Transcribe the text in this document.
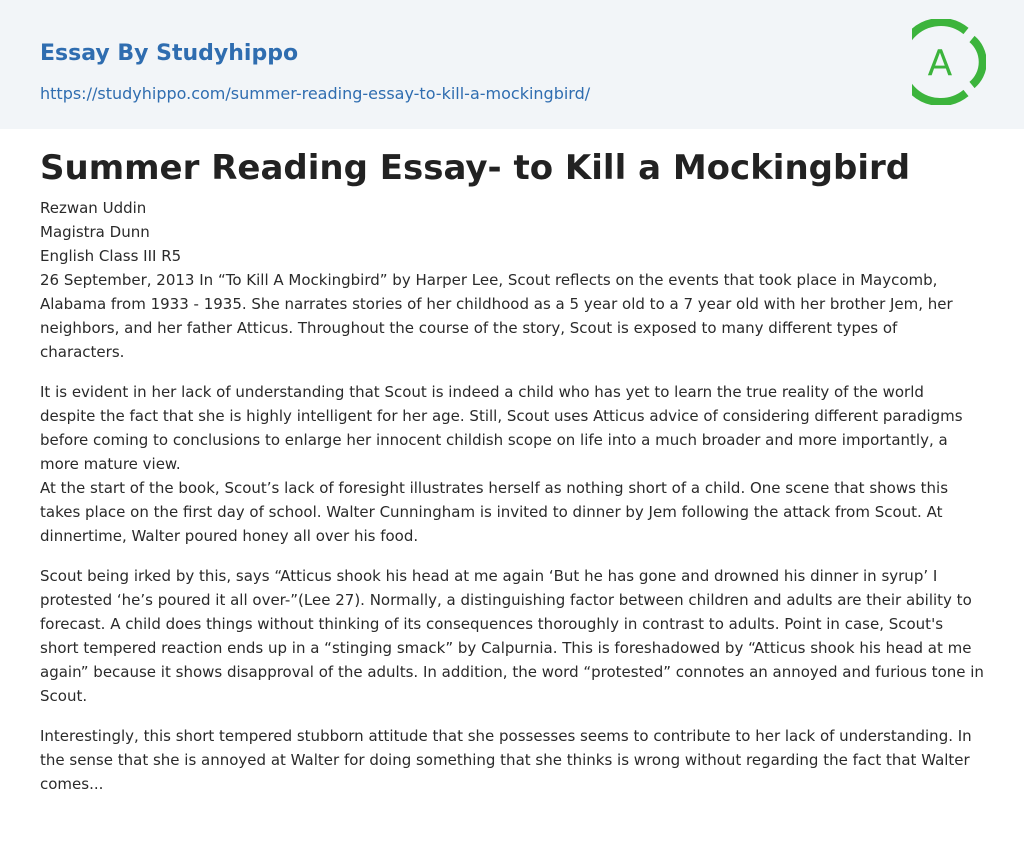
Essay By Studyhippo
https://studyhippo.com/summer-reading-essay-to-kill-a-mockingbird/
A
Summer Reading Essay- to Kill a Mockingbird

Rezwan Uddin

Magistra Dunn

English Class III R5

26 September, 2013 In “To Kill A Mockingbird” by Harper Lee, Scout reflects on the events that took place in Maycomb, Alabama from 1933 - 1935. She narrates stories of her childhood as a 5 year old to a 7 year old with her brother Jem, her neighbors, and her father Atticus. Throughout the course of the story, Scout is exposed to many different types of characters.

It is evident in her lack of understanding that Scout is indeed a child who has yet to learn the true reality of the world despite the fact that she is highly intelligent for her age. Still, Scout uses Atticus advice of considering different paradigms before coming to conclusions to enlarge her innocent childish scope on life into a much broader and more importantly, a more mature view.

At the start of the book, Scout’s lack of foresight illustrates herself as nothing short of a child. One scene that shows this takes place on the first day of school. Walter Cunningham is invited to dinner by Jem following the attack from Scout. At dinnertime, Walter poured honey all over his food.

Scout being irked by this, says “Atticus shook his head at me again ‘But he has gone and drowned his dinner in syrup’ I protested ‘he’s poured it all over-”(Lee 27). Normally, a distinguishing factor between children and adults are their ability to forecast. A child does things without thinking of its consequences thoroughly in contrast to adults. Point in case, Scout's short tempered reaction ends up in a “stinging smack” by Calpurnia. This is foreshadowed by “Atticus shook his head at me again” because it shows disapproval of the adults. In addition, the word “protested” connotes an annoyed and furious tone in Scout.

Interestingly, this short tempered stubborn attitude that she possesses seems to contribute to her lack of understanding. In the sense that she is annoyed at Walter for doing something that she thinks is wrong without regarding the fact that Walter comes...
